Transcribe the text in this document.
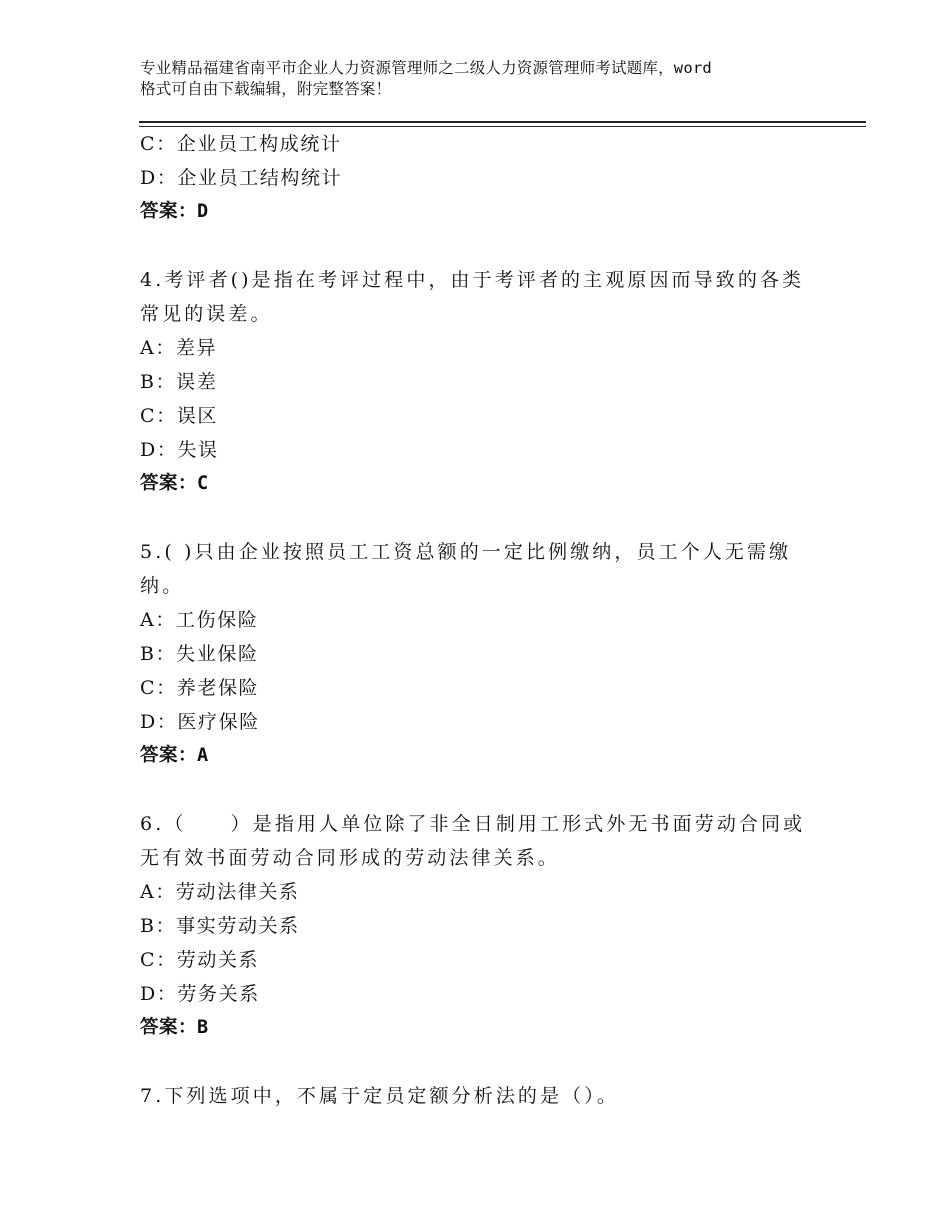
专业精品福建省南平市企业人力资源管理师之二级人力资源管理师考试题库，word
格式可自由下载编辑，附完整答案！
C：企业员工构成统计
D：企业员工结构统计
答案：D
4.考评者()是指在考评过程中，由于考评者的主观原因而导致的各类
常见的误差。
A：差异
B：误差
C：误区
D：失误
答案：C
5.( )只由企业按照员工工资总额的一定比例缴纳，员工个人无需缴
纳。
A：工伤保险
B：失业保险
C：养老保险
D：医疗保险
答案：A
6.（　　）是指用人单位除了非全日制用工形式外无书面劳动合同或
无有效书面劳动合同形成的劳动法律关系。
A：劳动法律关系
B：事实劳动关系
C：劳动关系
D：劳务关系
答案：B
7.下列选项中，不属于定员定额分析法的是（）。
